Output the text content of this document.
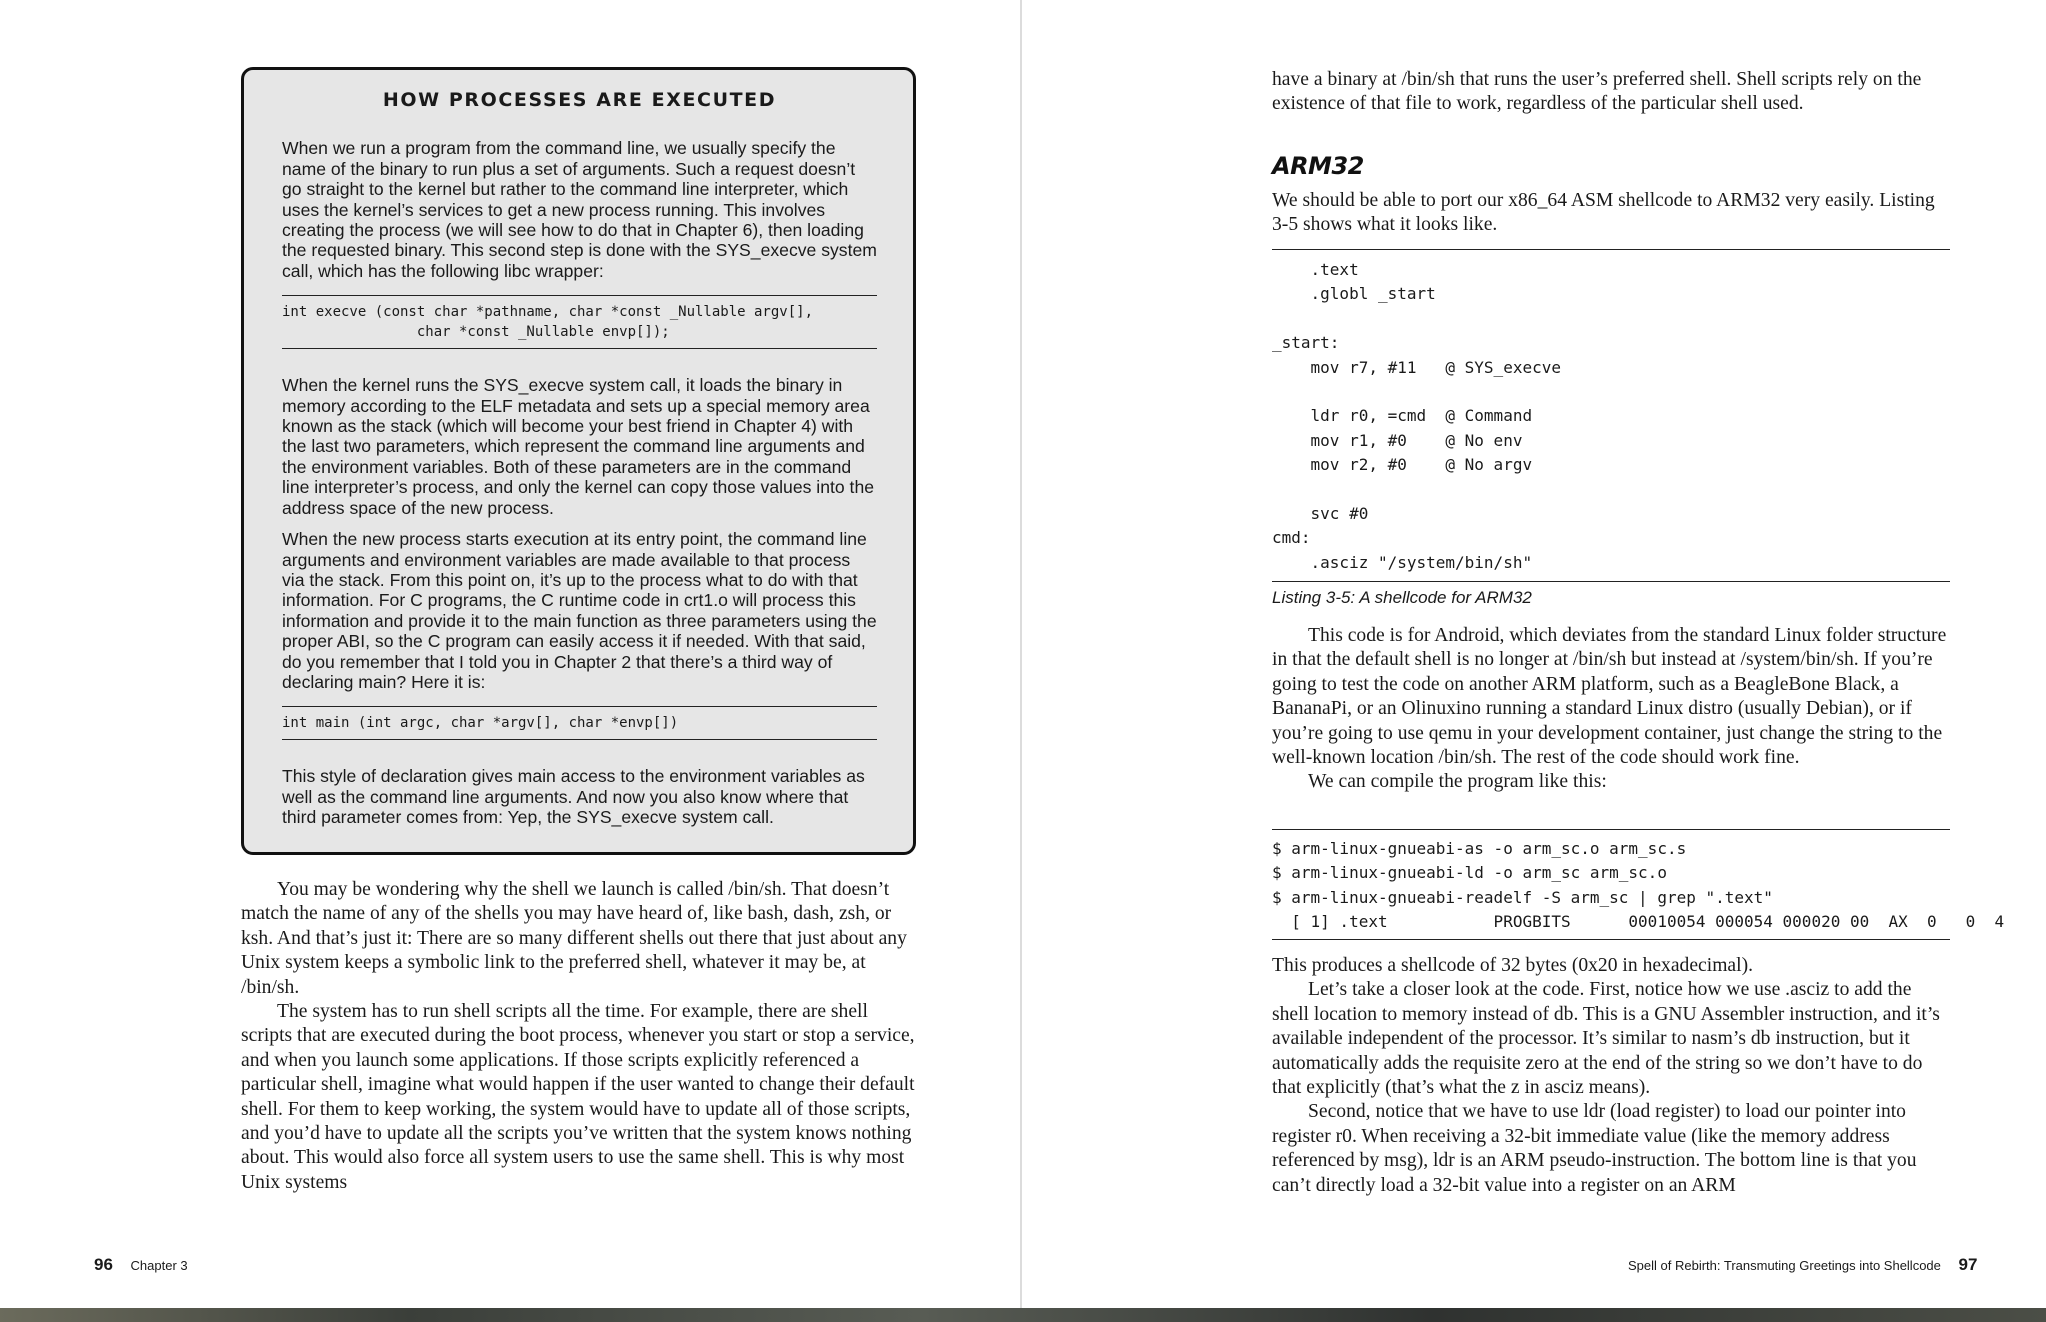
HOW PROCESSES ARE EXECUTED

When we run a program from the command line, we usually specify the name of the binary to run plus a set of arguments. Such a request doesn’t go straight to the kernel but rather to the command line interpreter, which uses the kernel’s services to get a new process running. This involves creating the process (we will see how to do that in Chapter 6), then loading the requested binary. This second step is done with the SYS_execve system call, which has the following libc wrapper:

int execve (const char *pathname, char *const _Nullable argv[],
char *const _Nullable envp[]);

When the kernel runs the SYS_execve system call, it loads the binary in memory according to the ELF metadata and sets up a special memory area known as the stack (which will become your best friend in Chapter 4) with the last two parameters, which represent the command line arguments and the environment variables. Both of these parameters are in the command line interpreter’s process, and only the kernel can copy those values into the address space of the new process.

When the new process starts execution at its entry point, the command line arguments and environment variables are made available to that process via the stack. From this point on, it’s up to the process what to do with that information. For C programs, the C runtime code in crt1.o will process this information and provide it to the main function as three parameters using the proper ABI, so the C program can easily access it if needed. With that said, do you remember that I told you in Chapter 2 that there’s a third way of declaring main? Here it is:

int main (int argc, char *argv[], char *envp[])

This style of declaration gives main access to the environment variables as well as the command line arguments. And now you also know where that third parameter comes from: Yep, the SYS_execve system call.

You may be wondering why the shell we launch is called /bin/sh. That doesn’t match the name of any of the shells you may have heard of, like bash, dash, zsh, or ksh. And that’s just it: There are so many different shells out there that just about any Unix system keeps a symbolic link to the preferred shell, whatever it may be, at /bin/sh.

The system has to run shell scripts all the time. For example, there are shell scripts that are executed during the boot process, whenever you start or stop a service, and when you launch some applications. If those scripts explicitly referenced a particular shell, imagine what would happen if the user wanted to change their default shell. For them to keep working, the system would have to update all of those scripts, and you’d have to update all the scripts you’ve written that the system knows nothing about. This would also force all system users to use the same shell. This is why most Unix systems

96 Chapter 3

have a binary at /bin/sh that runs the user’s preferred shell. Shell scripts rely on the existence of that file to work, regardless of the particular shell used.

ARM32

We should be able to port our x86_64 ASM shellcode to ARM32 very easily. Listing 3-5 shows what it looks like.

.text
.globl _start
_start:
mov r7, #11   @ SYS_execve
ldr r0, =cmd  @ Command
mov r1, #0    @ No env
mov r2, #0    @ No argv
svc #0
cmd:
.asciz "/system/bin/sh"
Listing 3-5: A shellcode for ARM32

This code is for Android, which deviates from the standard Linux folder structure in that the default shell is no longer at /bin/sh but instead at /system/bin/sh. If you’re going to test the code on another ARM platform, such as a BeagleBone Black, a BananaPi, or an Olinuxino running a standard Linux distro (usually Debian), or if you’re going to use qemu in your development container, just change the string to the well-known location /bin/sh. The rest of the code should work fine.

We can compile the program like this:

$ arm-linux-gnueabi-as -o arm_sc.o arm_sc.s
$ arm-linux-gnueabi-ld -o arm_sc arm_sc.o
$ arm-linux-gnueabi-readelf -S arm_sc | grep ".text"
[ 1] .text           PROGBITS      00010054 000054 000020 00  AX  0   0  4

This produces a shellcode of 32 bytes (0x20 in hexadecimal).

Let’s take a closer look at the code. First, notice how we use .asciz to add the shell location to memory instead of db. This is a GNU Assembler instruction, and it’s available independent of the processor. It’s similar to nasm’s db instruction, but it automatically adds the requisite zero at the end of the string so we don’t have to do that explicitly (that’s what the z in asciz means).

Second, notice that we have to use ldr (load register) to load our pointer into register r0. When receiving a 32-bit immediate value (like the memory address referenced by msg), ldr is an ARM pseudo-instruction. The bottom line is that you can’t directly load a 32-bit value into a register on an ARM

Spell of Rebirth: Transmuting Greetings into Shellcode 97
